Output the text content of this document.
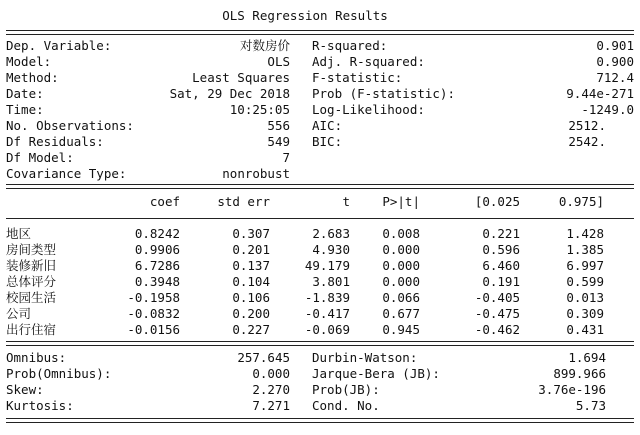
OLS Regression Results
Dep. Variable:	对数房价 R-squared:	0.901
Model:	OLS Adj. R-squared:	0.900
Method:	Least Squares F-statistic:	712.4
Date:	Sat, 29 Dec 2018 Prob (F-statistic):	9.44e-271
Time:	10:25:05 Log-Likelihood:	-1249.0
No. Observations:	556 AIC:	2512.
Df Residuals:	549 BIC:	2542.
Df Model:	7
Covariance Type:	nonrobust
coef	std err	t	P>|t|	[0.025	0.975]
地区	0.8242	0.307	2.683	0.008	0.221	1.428
房间类型	0.9906	0.201	4.930	0.000	0.596	1.385
装修新旧	6.7286	0.137	49.179	0.000	6.460	6.997
总体评分	0.3948	0.104	3.801	0.000	0.191	0.599
校园生活	-0.1958	0.106	-1.839	0.066	-0.405	0.013
公司	-0.0832	0.200	-0.417	0.677	-0.475	0.309
出行住宿	-0.0156	0.227	-0.069	0.945	-0.462	0.431
Omnibus:	257.645 Durbin-Watson:	1.694
Prob(Omnibus):	0.000 Jarque-Bera (JB):	899.966
Skew:	2.270 Prob(JB):	3.76e-196
Kurtosis:	7.271 Cond. No.	5.73
